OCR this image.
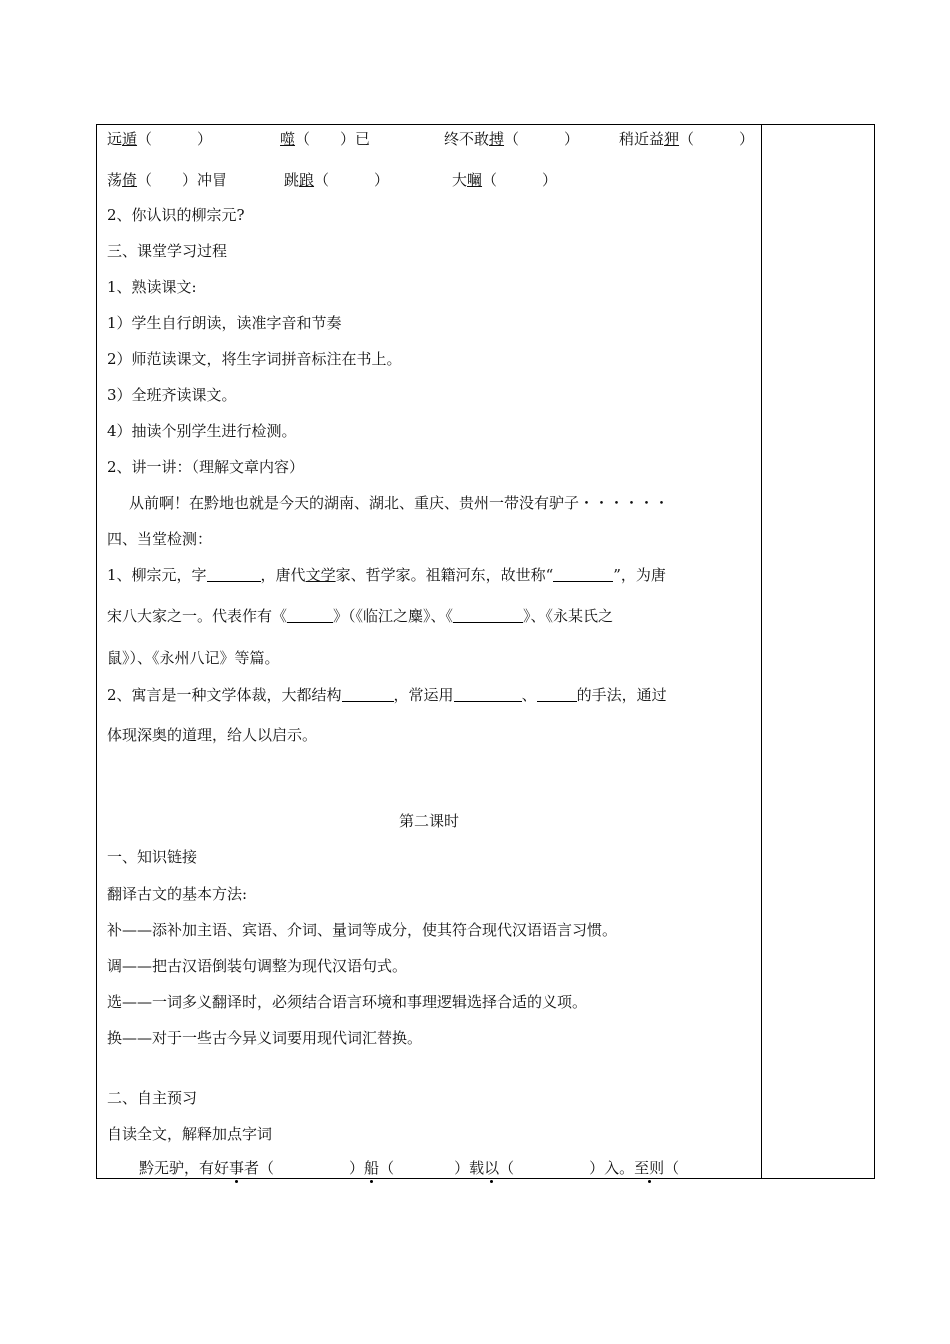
远遁（　　　）	噬（　　）已	终不敢搏（　　　）	稍近益狎（　　　）
荡倚（　　）冲冒	跳踉（　　　）	大㘎（　　　）
2、你认识的柳宗元?
三、课堂学习过程
1、熟读课文:
1）学生自行朗读，读准字音和节奏
2）师范读课文，将生字词拼音标注在书上。
3）全班齐读课文。
4）抽读个别学生进行检测。
2、讲一讲：（理解文章内容）
从前啊！在黔地也就是今天的湖南、湖北、重庆、贵州一带没有驴子・・・・・・
四、当堂检测：
1、柳宗元，字	，唐代文学家、哲学家。祖籍河东，故世称“	”，为唐
宋八大家之一。代表作有《	》（《临江之麋》、《	》、《永某氏之
鼠》）、《永州八记》等篇。
2、寓言是一种文学体裁，大都结构	，常运用	、	的手法，通过
体现深奥的道理，给人以启示。
第二课时
一、知识链接
翻译古文的基本方法:
补——添补加主语、宾语、介词、量词等成分，使其符合现代汉语语言习惯。
调——把古汉语倒装句调整为现代汉语句式。
选——一词多义翻译时，必须结合语言环境和事理逻辑选择合适的义项。
换——对于一些古今异义词要用现代词汇替换。
二、自主预习
自读全文，解释加点字词
黔无驴，有好事者（　　　　　）船（　　　　）载以（　　　　　）入。至则（
